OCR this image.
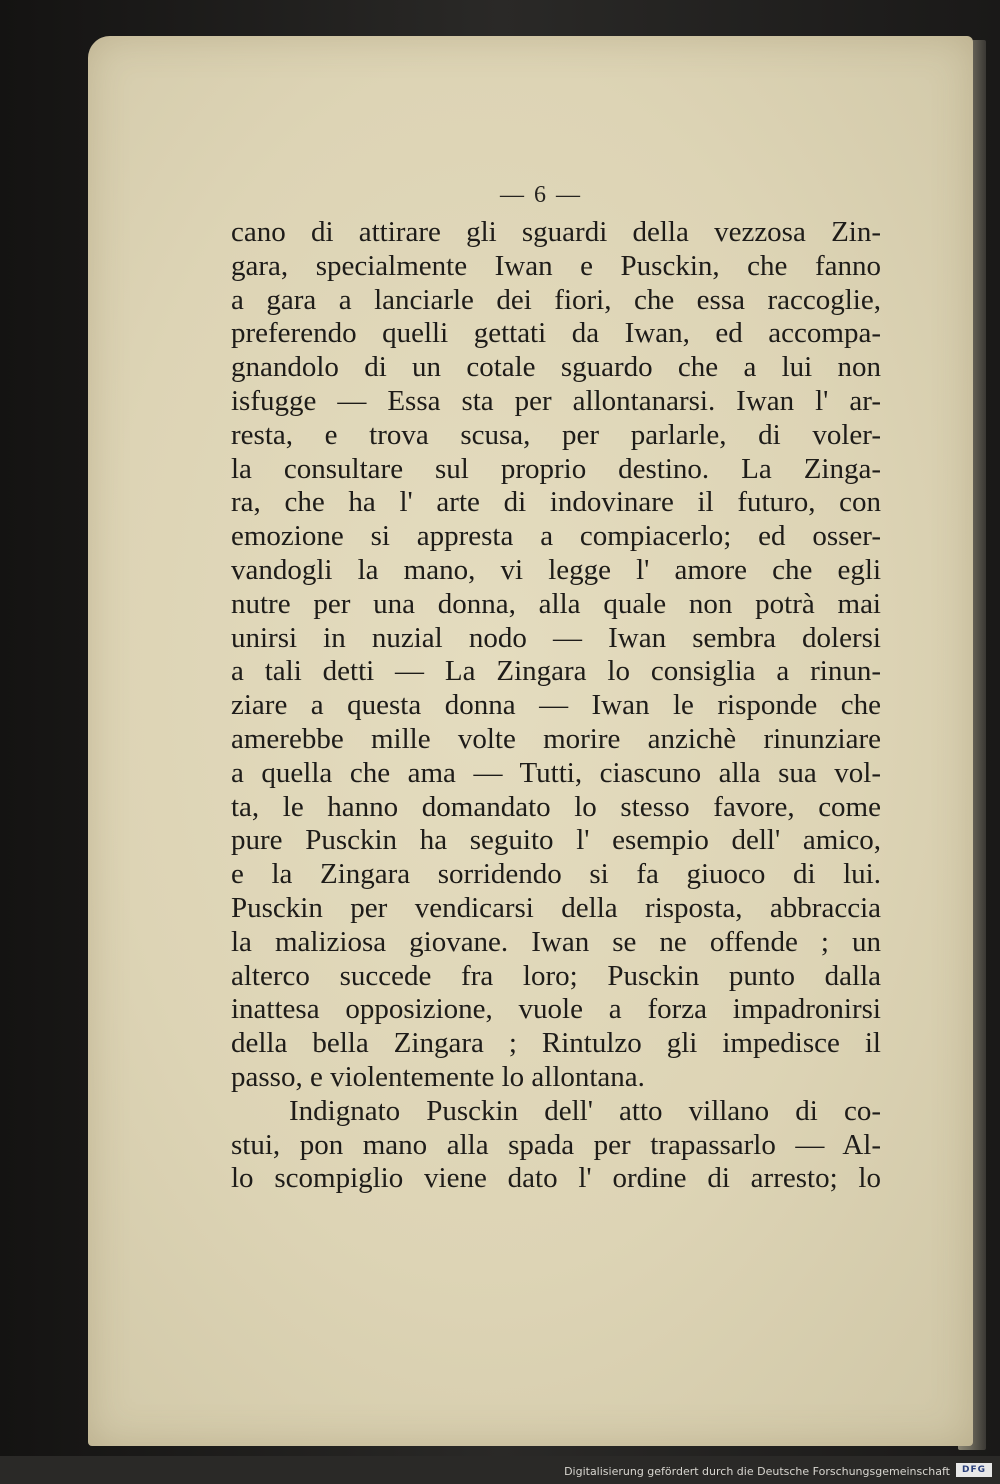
— 6 —
cano di attirare gli sguardi della vezzosa Zin-
gara, specialmente Iwan e Pusckin, che fanno
a gara a lanciarle dei fiori, che essa raccoglie,
preferendo quelli gettati da Iwan, ed accompa-
gnandolo di un cotale sguardo che a lui non
isfugge — Essa sta per allontanarsi. Iwan l' ar-
resta, e trova scusa, per parlarle, di voler-
la consultare sul proprio destino. La Zinga-
ra, che ha l' arte di indovinare il futuro, con
emozione si appresta a compiacerlo; ed osser-
vandogli la mano, vi legge l' amore che egli
nutre per una donna, alla quale non potrà mai
unirsi in nuzial nodo — Iwan sembra dolersi
a tali detti — La Zingara lo consiglia a rinun-
ziare a questa donna — Iwan le risponde che
amerebbe mille volte morire anzichè rinunziare
a quella che ama — Tutti, ciascuno alla sua vol-
ta, le hanno domandato lo stesso favore, come
pure Pusckin ha seguito l' esempio dell' amico,
e la Zingara sorridendo si fa giuoco di lui.
Pusckin per vendicarsi della risposta, abbraccia
la maliziosa giovane. Iwan se ne offende ; un
alterco succede fra loro; Pusckin punto dalla
inattesa opposizione, vuole a forza impadronirsi
della bella Zingara ; Rintulzo gli impedisce il
passo, e violentemente lo allontana.
Indignato Pusckin dell' atto villano di co-
stui, pon mano alla spada per trapassarlo — Al-
lo scompiglio viene dato l' ordine di arresto; lo
Digitalisierung gefördert durch die Deutsche Forschungsgemeinschaft	DFG
